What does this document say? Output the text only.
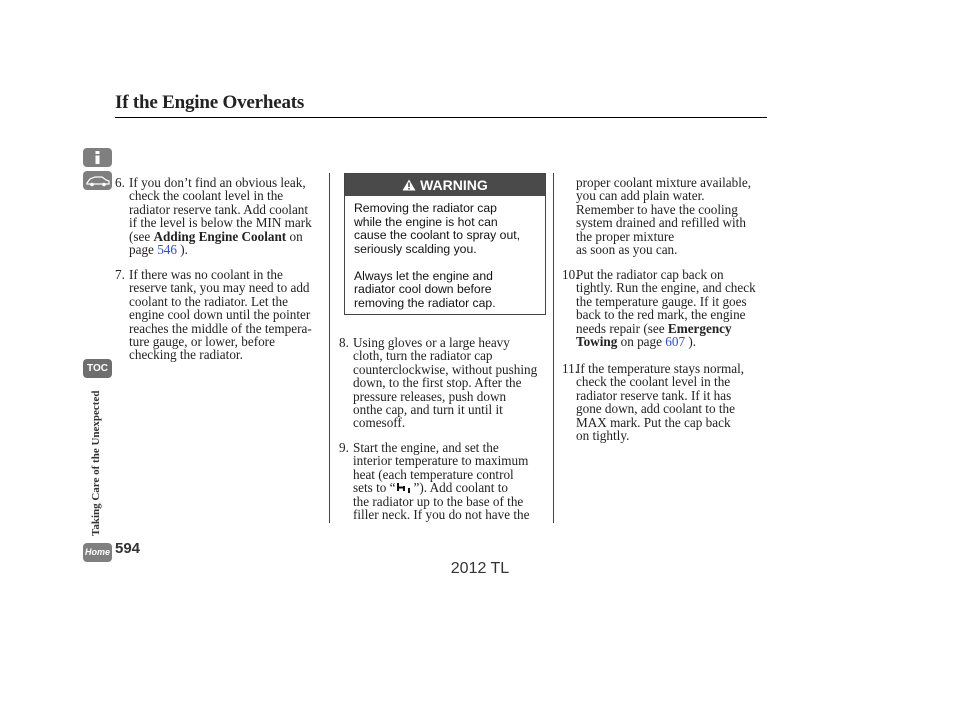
If the Engine Overheats
TOC
Taking Care of the Unexpected
Home 594
6. If you don’t find an obvious leak,
check the coolant level in the
radiator reserve tank. Add coolant
if the level is below the MIN mark
(see Adding Engine Coolant on
page 546 ).
7. If there was no coolant in the
reserve tank, you may need to add
coolant to the radiator. Let the
engine cool down until the pointer
reaches the middle of the tempera-
ture gauge, or lower, before
checking the radiator.
WARNING
Removing the radiator cap
while the engine is hot can
cause the coolant to spray out,
seriously scalding you.
Always let the engine and
radiator cool down before
removing the radiator cap.
8. Using gloves or a large heavy
cloth, turn the radiator cap
counterclockwise, without pushing
down, to the first stop. After the
pressure releases, push down
onthe cap, and turn it until it
comesoff.
9. Start the engine, and set the
interior temperature to maximum
heat (each temperature control
sets to “ ”). Add coolant to
the radiator up to the base of the
filler neck. If you do not have the
proper coolant mixture available,
you can add plain water.
Remember to have the cooling
system drained and refilled with
the proper mixture
as soon as you can.
10.
Put the radiator cap back on
tightly. Run the engine, and check
the temperature gauge. If it goes
back to the red mark, the engine
needs repair (see Emergency
Towing on page 607 ).
11.
If the temperature stays normal,
check the coolant level in the
radiator reserve tank. If it has
gone down, add coolant to the
MAX mark. Put the cap back
on tightly.
2012 TL
